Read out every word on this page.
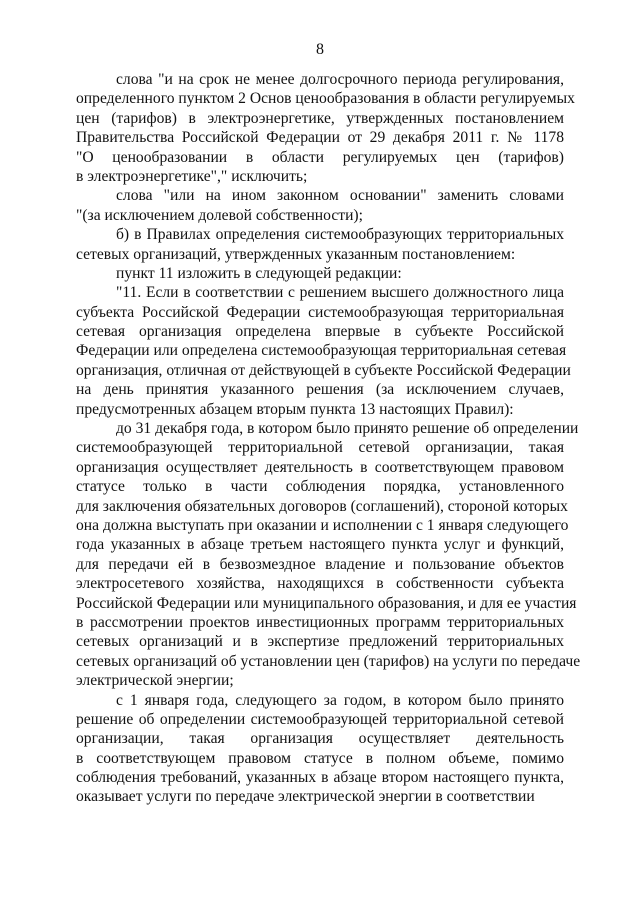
8
слова "и на срок не менее долгосрочного периода регулирования,
определенного пунктом 2 Основ ценообразования в области регулируемых
цен (тарифов) в электроэнергетике, утвержденных постановлением
Правительства Российской Федерации от 29 декабря 2011 г. № 1178
"О ценообразовании в области регулируемых цен (тарифов)
в электроэнергетике"," исключить;
слова "или на ином законном основании" заменить словами
"(за исключением долевой собственности);
б) в Правилах определения системообразующих территориальных
сетевых организаций, утвержденных указанным постановлением:
пункт 11 изложить в следующей редакции:
"11. Если в соответствии с решением высшего должностного лица
субъекта Российской Федерации системообразующая территориальная
сетевая организация определена впервые в субъекте Российской
Федерации или определена системообразующая территориальная сетевая
организация, отличная от действующей в субъекте Российской Федерации
на день принятия указанного решения (за исключением случаев,
предусмотренных абзацем вторым пункта 13 настоящих Правил):
до 31 декабря года, в котором было принято решение об определении
системообразующей территориальной сетевой организации, такая
организация осуществляет деятельность в соответствующем правовом
статусе только в части соблюдения порядка, установленного
для заключения обязательных договоров (соглашений), стороной которых
она должна выступать при оказании и исполнении с 1 января следующего
года указанных в абзаце третьем настоящего пункта услуг и функций,
для передачи ей в безвозмездное владение и пользование объектов
электросетевого хозяйства, находящихся в собственности субъекта
Российской Федерации или муниципального образования, и для ее участия
в рассмотрении проектов инвестиционных программ территориальных
сетевых организаций и в экспертизе предложений территориальных
сетевых организаций об установлении цен (тарифов) на услуги по передаче
электрической энергии;
с 1 января года, следующего за годом, в котором было принято
решение об определении системообразующей территориальной сетевой
организации, такая организация осуществляет деятельность
в соответствующем правовом статусе в полном объеме, помимо
соблюдения требований, указанных в абзаце втором настоящего пункта,
оказывает услуги по передаче электрической энергии в соответствии
